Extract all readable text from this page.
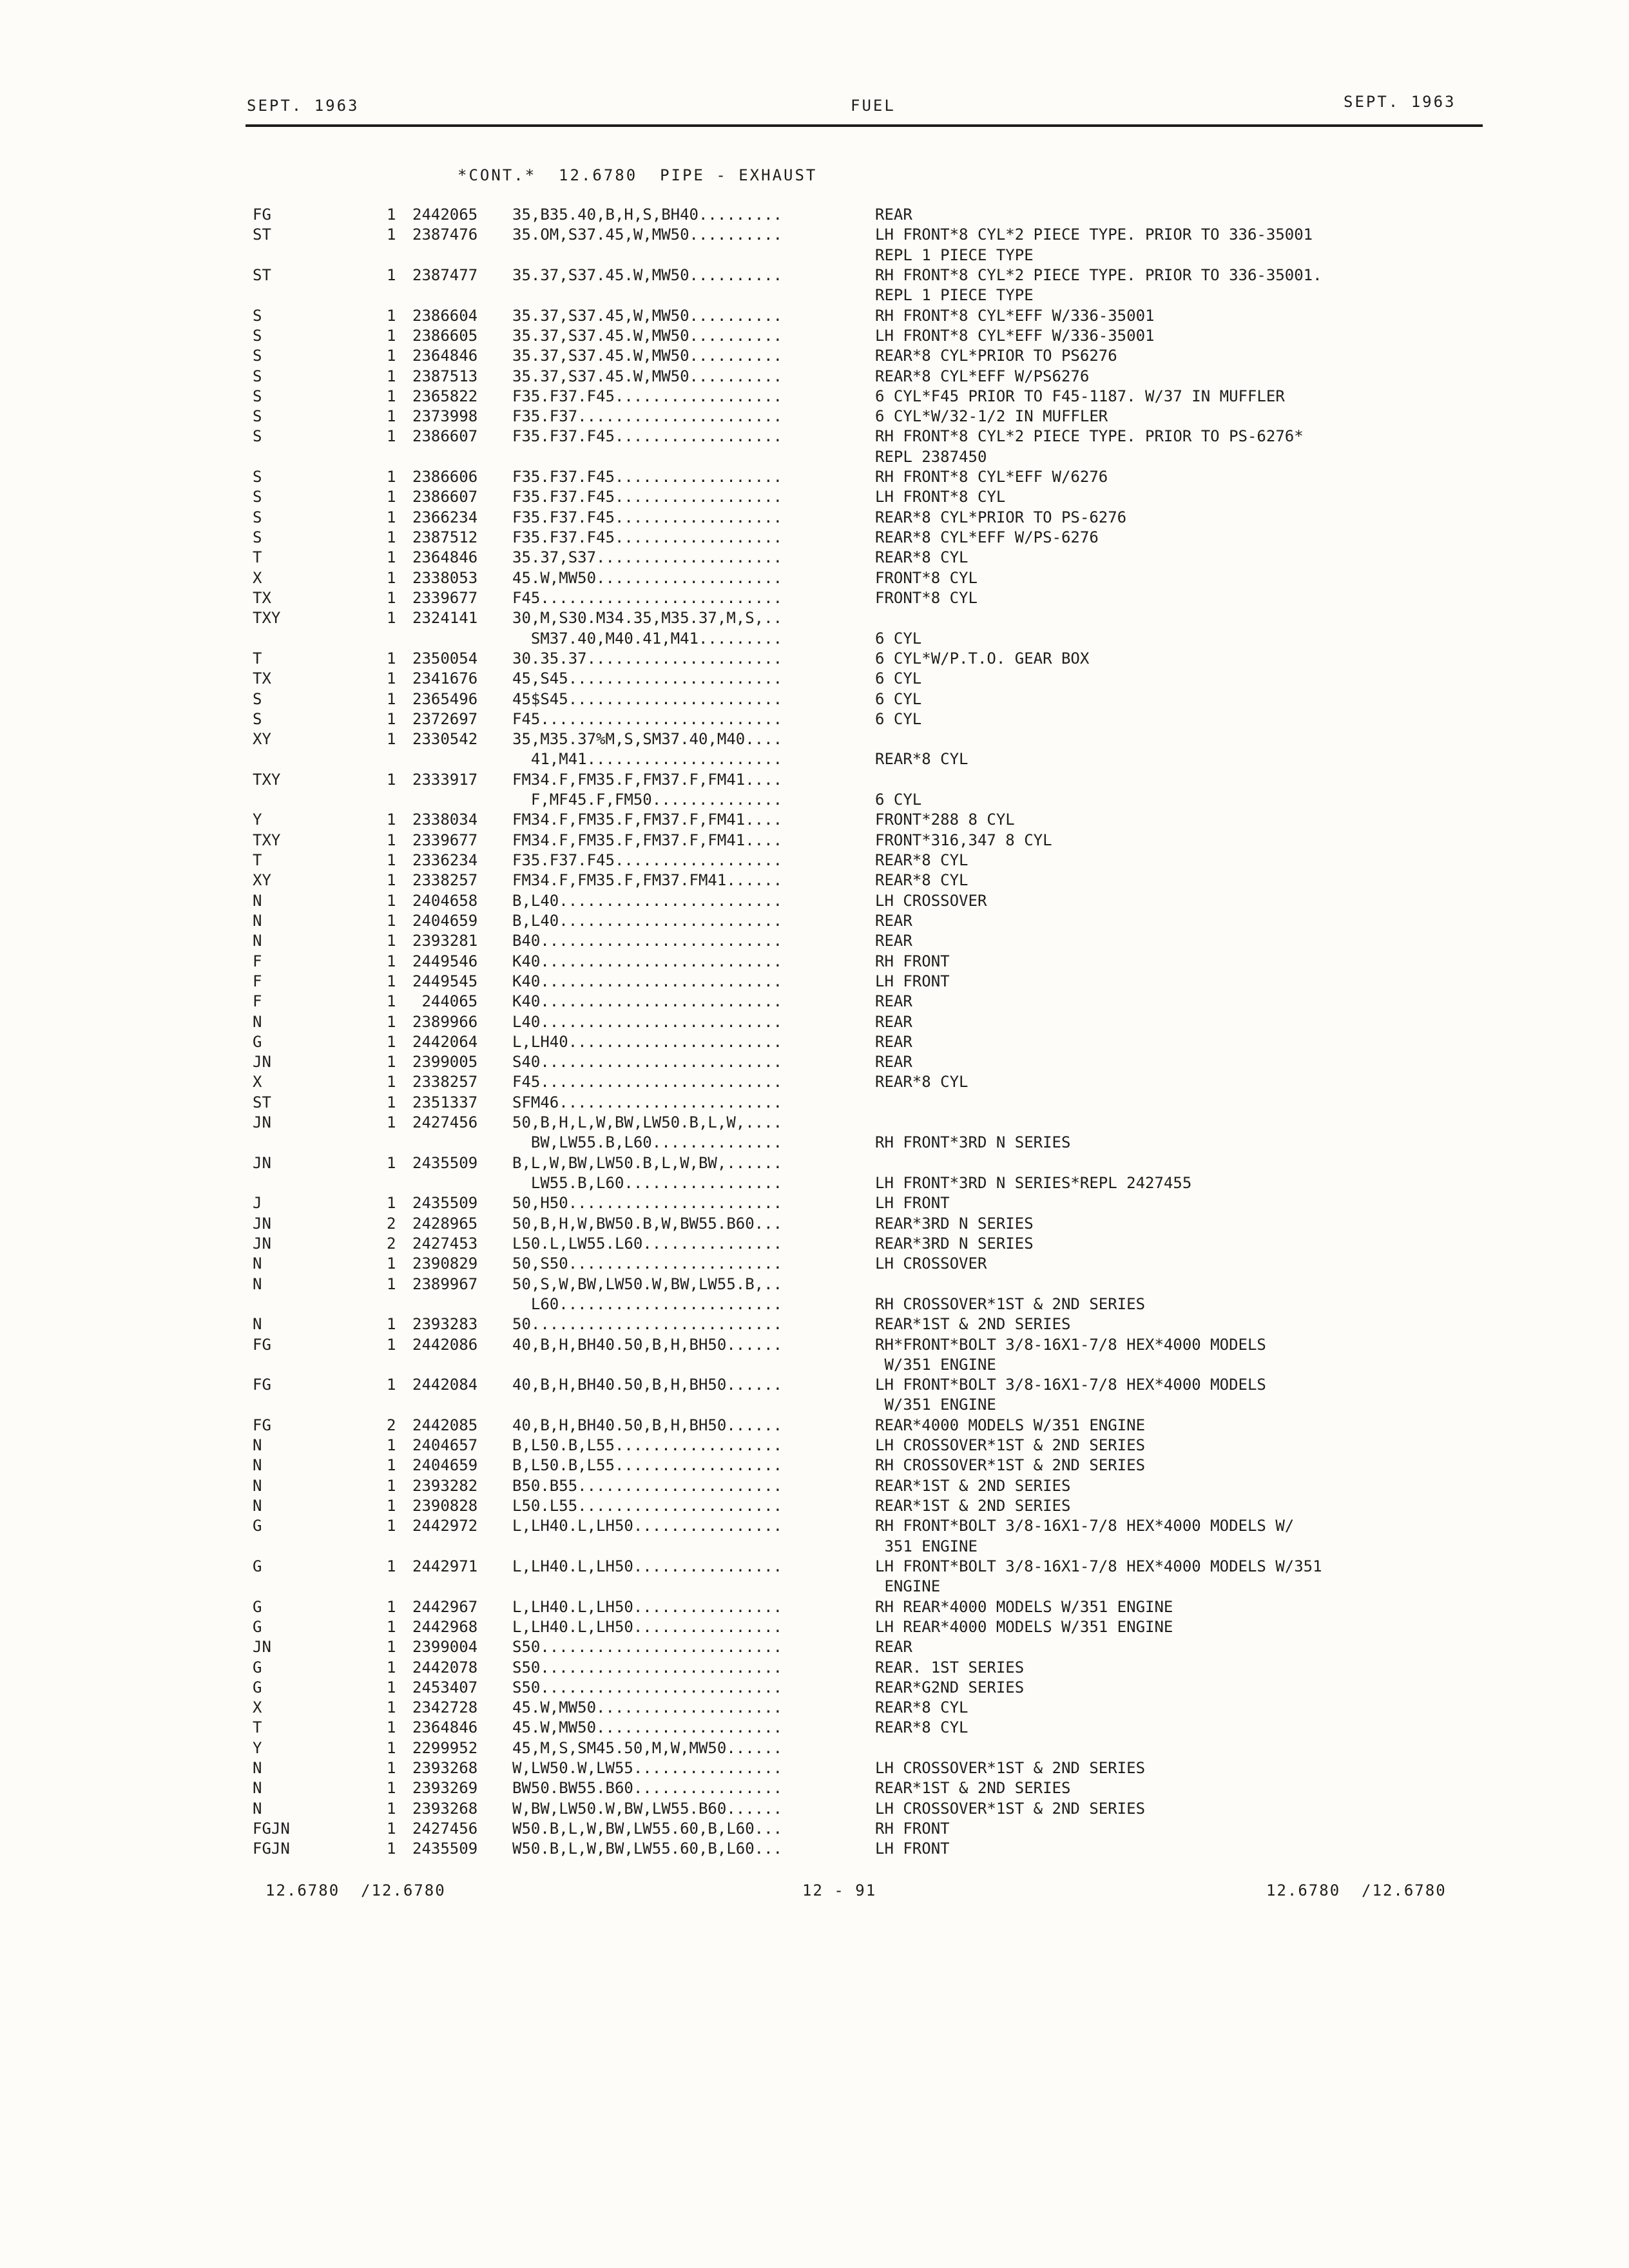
SEPT. 1963	FUEL	SEPT. 1963
*CONT.*  12.6780  PIPE - EXHAUST
FG	1 2442065 35,B35.40,B,H,S,BH40.........	REAR
ST	1 2387476 35.OM,S37.45,W,MW50..........	LH FRONT*8 CYL*2 PIECE TYPE. PRIOR TO 336-35001
REPL 1 PIECE TYPE
ST	1 2387477 35.37,S37.45.W,MW50..........	RH FRONT*8 CYL*2 PIECE TYPE. PRIOR TO 336-35001.
REPL 1 PIECE TYPE
S	1 2386604 35.37,S37.45,W,MW50..........	RH FRONT*8 CYL*EFF W/336-35001
S	1 2386605 35.37,S37.45.W,MW50..........	LH FRONT*8 CYL*EFF W/336-35001
S	1 2364846 35.37,S37.45.W,MW50..........	REAR*8 CYL*PRIOR TO PS6276
S	1 2387513 35.37,S37.45.W,MW50..........	REAR*8 CYL*EFF W/PS6276
S	1 2365822 F35.F37.F45..................	6 CYL*F45 PRIOR TO F45-1187. W/37 IN MUFFLER
S	1 2373998 F35.F37......................	6 CYL*W/32-1/2 IN MUFFLER
S	1 2386607 F35.F37.F45..................	RH FRONT*8 CYL*2 PIECE TYPE. PRIOR TO PS-6276*
REPL 2387450
S	1 2386606 F35.F37.F45..................	RH FRONT*8 CYL*EFF W/6276
S	1 2386607 F35.F37.F45..................	LH FRONT*8 CYL
S	1 2366234 F35.F37.F45..................	REAR*8 CYL*PRIOR TO PS-6276
S	1 2387512 F35.F37.F45..................	REAR*8 CYL*EFF W/PS-6276
T	1 2364846 35.37,S37....................	REAR*8 CYL
X	1 2338053 45.W,MW50....................	FRONT*8 CYL
TX	1 2339677 F45..........................	FRONT*8 CYL
TXY	1 2324141 30,M,S30.M34.35,M35.37,M,S,..
SM37.40,M40.41,M41.........	6 CYL
T	1 2350054 30.35.37.....................	6 CYL*W/P.T.O. GEAR BOX
TX	1 2341676 45,S45.......................	6 CYL
S	1 2365496 45$S45.......................	6 CYL
S	1 2372697 F45..........................	6 CYL
XY	1 2330542 35,M35.37%M,S,SM37.40,M40....
41,M41.....................	REAR*8 CYL
TXY	1 2333917 FM34.F,FM35.F,FM37.F,FM41....
F,MF45.F,FM50..............	6 CYL
Y	1 2338034 FM34.F,FM35.F,FM37.F,FM41....	FRONT*288 8 CYL
TXY	1 2339677 FM34.F,FM35.F,FM37.F,FM41....	FRONT*316,347 8 CYL
T	1 2336234 F35.F37.F45..................	REAR*8 CYL
XY	1 2338257 FM34.F,FM35.F,FM37.FM41......	REAR*8 CYL
N	1 2404658 B,L40........................	LH CROSSOVER
N	1 2404659 B,L40........................	REAR
N	1 2393281 B40..........................	REAR
F	1 2449546 K40..........................	RH FRONT
F	1 2449545 K40..........................	LH FRONT
F	1 244065 K40..........................	REAR
N	1 2389966 L40..........................	REAR
G	1 2442064 L,LH40.......................	REAR
JN	1 2399005 S40..........................	REAR
X	1 2338257 F45..........................	REAR*8 CYL
ST	1 2351337 SFM46........................
JN	1 2427456 50,B,H,L,W,BW,LW50.B,L,W,....
BW,LW55.B,L60..............	RH FRONT*3RD N SERIES
JN	1 2435509 B,L,W,BW,LW50.B,L,W,BW,......
LW55.B,L60.................	LH FRONT*3RD N SERIES*REPL 2427455
J	1 2435509 50,H50.......................	LH FRONT
JN	2 2428965 50,B,H,W,BW50.B,W,BW55.B60...	REAR*3RD N SERIES
JN	2 2427453 L50.L,LW55.L60...............	REAR*3RD N SERIES
N	1 2390829 50,S50.......................	LH CROSSOVER
N	1 2389967 50,S,W,BW,LW50.W,BW,LW55.B,..
L60........................	RH CROSSOVER*1ST & 2ND SERIES
N	1 2393283 50...........................	REAR*1ST & 2ND SERIES
FG	1 2442086 40,B,H,BH40.50,B,H,BH50......	RH*FRONT*BOLT 3/8-16X1-7/8 HEX*4000 MODELS
W/351 ENGINE
FG	1 2442084 40,B,H,BH40.50,B,H,BH50......	LH FRONT*BOLT 3/8-16X1-7/8 HEX*4000 MODELS
W/351 ENGINE
FG	2 2442085 40,B,H,BH40.50,B,H,BH50......	REAR*4000 MODELS W/351 ENGINE
N	1 2404657 B,L50.B,L55..................	LH CROSSOVER*1ST & 2ND SERIES
N	1 2404659 B,L50.B,L55..................	RH CROSSOVER*1ST & 2ND SERIES
N	1 2393282 B50.B55......................	REAR*1ST & 2ND SERIES
N	1 2390828 L50.L55......................	REAR*1ST & 2ND SERIES
G	1 2442972 L,LH40.L,LH50................	RH FRONT*BOLT 3/8-16X1-7/8 HEX*4000 MODELS W/
351 ENGINE
G	1 2442971 L,LH40.L,LH50................	LH FRONT*BOLT 3/8-16X1-7/8 HEX*4000 MODELS W/351
ENGINE
G	1 2442967 L,LH40.L,LH50................	RH REAR*4000 MODELS W/351 ENGINE
G	1 2442968 L,LH40.L,LH50................	LH REAR*4000 MODELS W/351 ENGINE
JN	1 2399004 S50..........................	REAR
G	1 2442078 S50..........................	REAR. 1ST SERIES
G	1 2453407 S50..........................	REAR*G2ND SERIES
X	1 2342728 45.W,MW50....................	REAR*8 CYL
T	1 2364846 45.W,MW50....................	REAR*8 CYL
Y	1 2299952 45,M,S,SM45.50,M,W,MW50......
N	1 2393268 W,LW50.W,LW55................	LH CROSSOVER*1ST & 2ND SERIES
N	1 2393269 BW50.BW55.B60................	REAR*1ST & 2ND SERIES
N	1 2393268 W,BW,LW50.W,BW,LW55.B60......	LH CROSSOVER*1ST & 2ND SERIES
FGJN	1 2427456 W50.B,L,W,BW,LW55.60,B,L60...	RH FRONT
FGJN	1 2435509 W50.B,L,W,BW,LW55.60,B,L60...	LH FRONT
12.6780  /12.6780	12 - 91	12.6780  /12.6780
